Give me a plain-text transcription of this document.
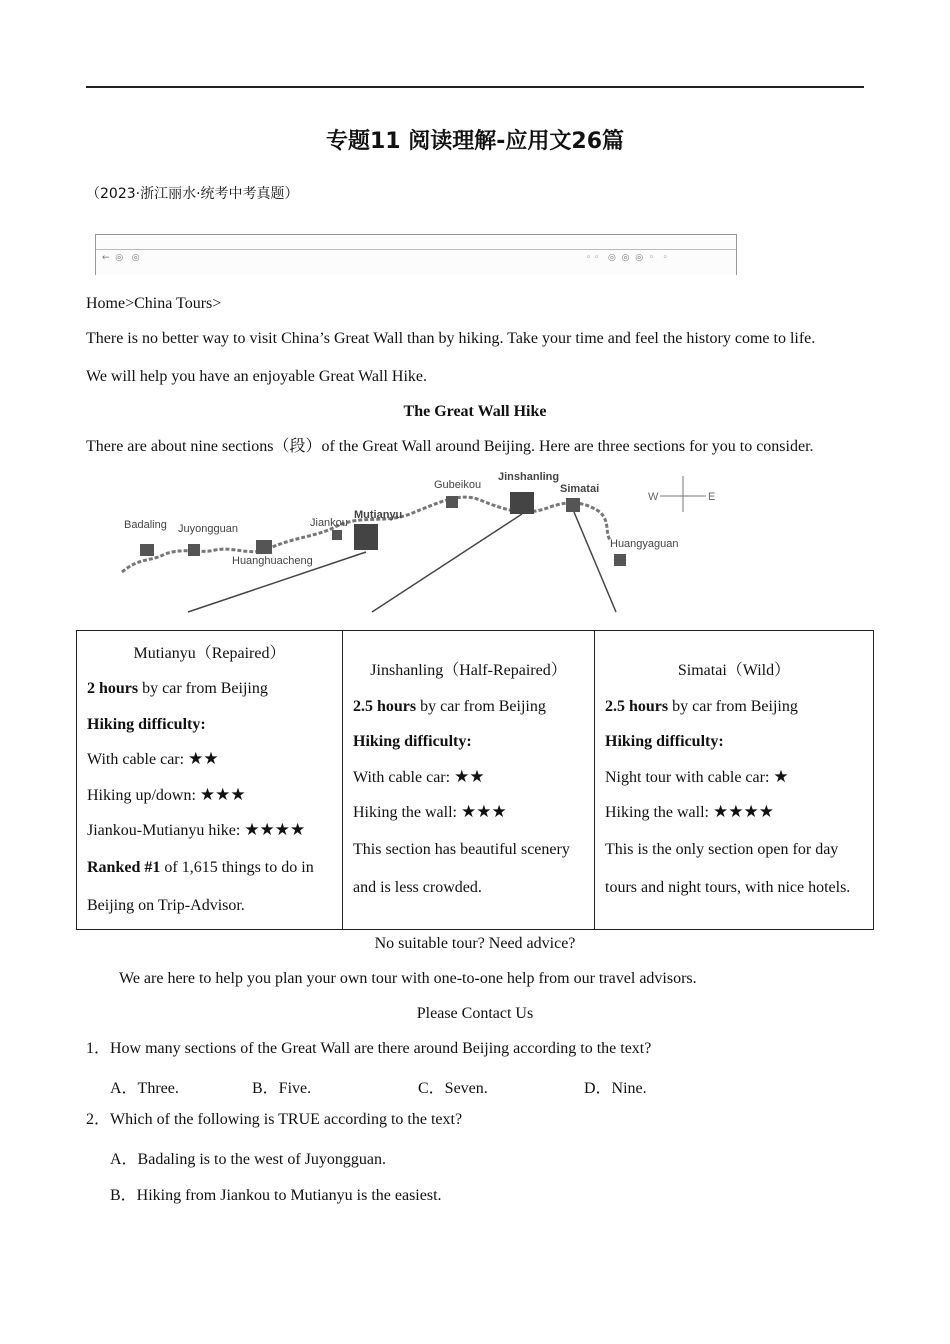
专题11 阅读理解-应用文26篇
（2023·浙江丽水·统考中考真题）
←  ◎   ◎	◦ ◦   ◎  ◎  ◎  ◦   ◦
Home>China Tours>
There is no better way to visit China’s Great Wall than by hiking. Take your time and feel the history come to life.
We will help you have an enjoyable Great Wall Hike.
The Great Wall Hike
There are about nine sections（段）of the Great Wall around Beijing. Here are three sections for you to consider.
Badaling Juyongguan
Huanghuacheng
Jiankou
Mutianyu
Gubeikou
Jinshanling
Simatai
Huangyaguan
W	E

Mutianyu（Repaired）

2 hours by car from Beijing

Hiking difficulty:

With cable car: ★★

Hiking up/down: ★★★

Jiankou-Mutianyu hike: ★★★★

Ranked #1 of 1,615 things to do in Beijing on Trip-Advisor.

Jinshanling（Half-Repaired）

2.5 hours by car from Beijing

Hiking difficulty:

With cable car: ★★

Hiking the wall: ★★★

This section has beautiful scenery and is less crowded.

Simatai（Wild）

2.5 hours by car from Beijing

Hiking difficulty:

Night tour with cable car: ★

Hiking the wall: ★★★★

This is the only section open for day tours and night tours, with nice hotels.

No suitable tour? Need advice?
We are here to help you plan your own tour with one-to-one help from our travel advisors.
Please Contact Us
1．How many sections of the Great Wall are there around Beijing according to the text?
A．Three.	B．Five.	C．Seven.	D．Nine.
2．Which of the following is TRUE according to the text?
A．Badaling is to the west of Juyongguan.
B．Hiking from Jiankou to Mutianyu is the easiest.
